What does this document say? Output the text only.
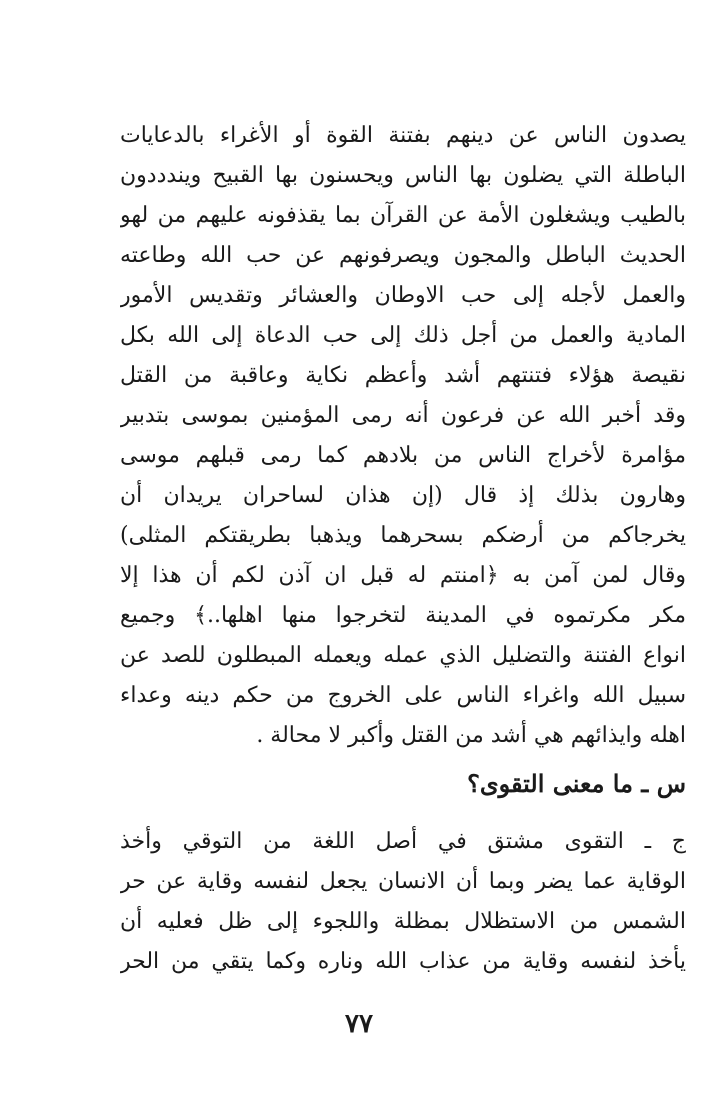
يصدون الناس عن دينهم بفتنة القوة أو الأغراء بالدعايات
الباطلة التي يضلون بها الناس ويحسنون بها القبيح ويندددون
بالطيب ويشغلون الأمة عن القرآن بما يقذفونه عليهم من لهو
الحديث الباطل والمجون ويصرفونهم عن حب الله وطاعته
والعمل لأجله إلى حب الاوطان والعشائر وتقديس الأمور
المادية والعمل من أجل ذلك إلى حب الدعاة إلى الله بكل
نقيصة هؤلاء فتنتهم أشد وأعظم نكاية وعاقبة من القتل
وقد أخبر الله عن فرعون أنه رمى المؤمنين بموسى بتدبير
مؤامرة لأخراج الناس من بلادهم كما رمى قبلهم موسى
وهارون بذلك إذ قال (إن هذان لساحران يريدان أن
يخرجاكم من أرضكم بسحرهما ويذهبا بطريقتكم المثلى)
وقال لمن آمن به ﴿امنتم له قبل ان آذن لكم أن هذا إلا
مكر مكرتموه في المدينة لتخرجوا منها اهلها..﴾ وجميع
انواع الفتنة والتضليل الذي عمله ويعمله المبطلون للصد عن
سبيل الله واغراء الناس على الخروج من حكم دينه وعداء
اهله وايذائهم هي أشد من القتل وأكبر لا محالة .
س ـ ما معنى التقوى؟
ج ـ التقوى مشتق في أصل اللغة من التوقي وأخذ
الوقاية عما يضر وبما أن الانسان يجعل لنفسه وقاية عن حر
الشمس من الاستظلال بمظلة واللجوء إلى ظل فعليه أن
يأخذ لنفسه وقاية من عذاب الله وناره وكما يتقي من الحر
٧٧
